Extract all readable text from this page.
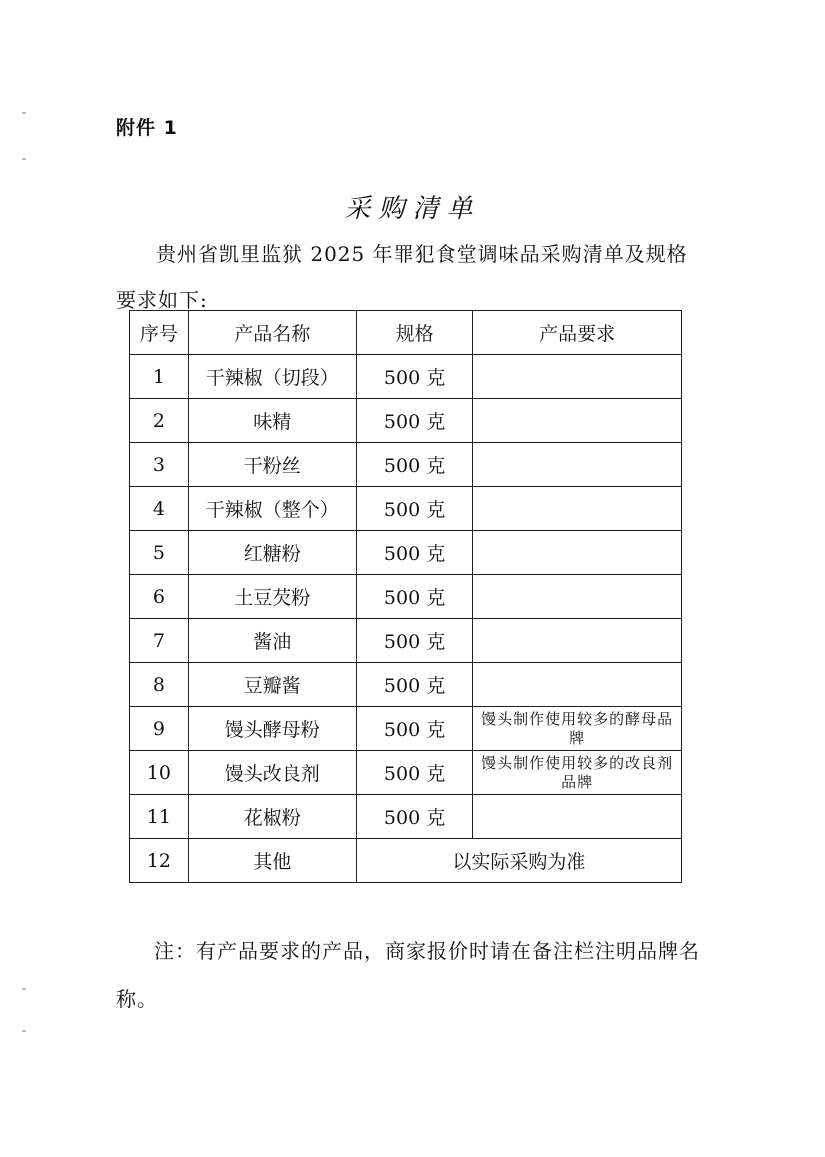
附件 1
采购清单
贵州省凯里监狱 2025 年罪犯食堂调味品采购清单及规格要求如下:
序号	产品名称	规格	产品要求
1	干辣椒（切段）	500 克	
2	味精	500 克	
3	干粉丝	500 克	
4	干辣椒（整个）	500 克	
5	红糖粉	500 克	
6	土豆芡粉	500 克	
7	酱油	500 克	
8	豆瓣酱	500 克	
9	馒头酵母粉	500 克	馒头制作使用较多的酵母品牌
10	馒头改良剂	500 克	馒头制作使用较多的改良剂品牌
11	花椒粉	500 克	
12	其他	以实际采购为准	
注：有产品要求的产品，商家报价时请在备注栏注明品牌名称。
